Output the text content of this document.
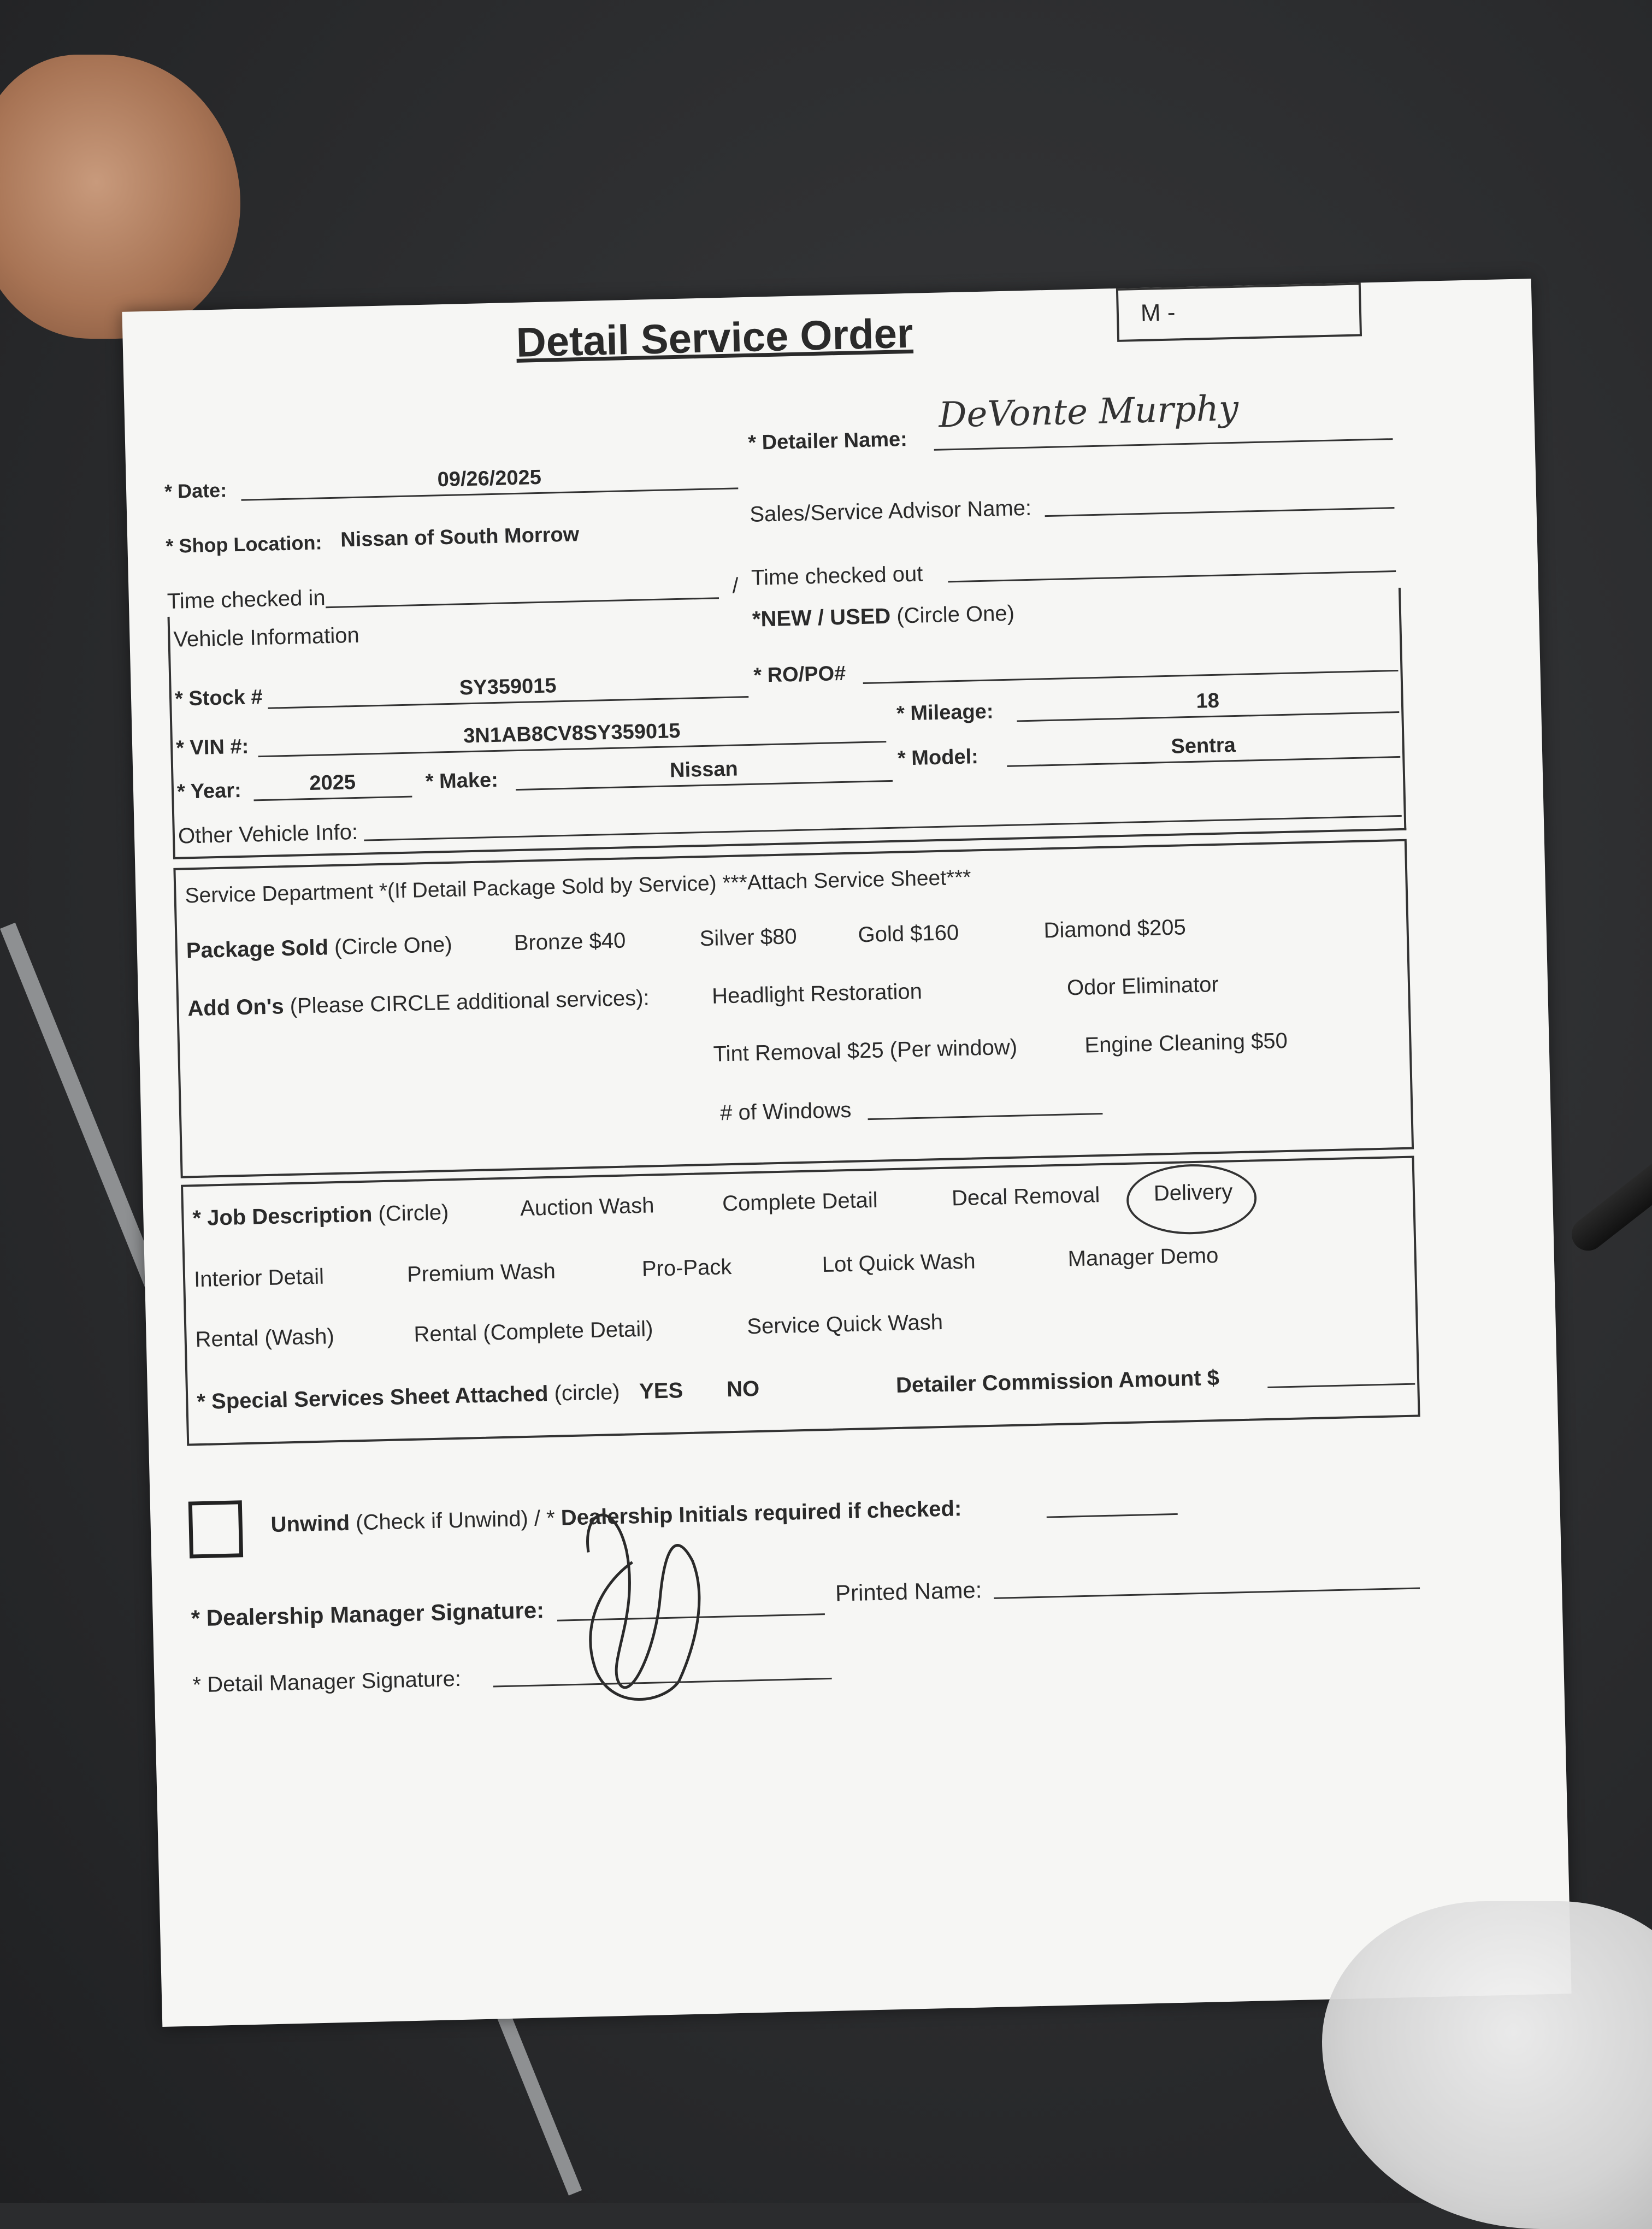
Detail Service Order	M -
* Date:	09/26/2025
* Detailer Name:
DeVonte Murphy
* Shop Location: Nissan of South Morrow
Sales/Service Advisor Name:
Time checked in	/ Time checked out
Vehicle Information
*NEW / USED (Circle One)
* Stock #	SY359015	* RO/PO#
* VIN #:	3N1AB8CV8SY359015
* Mileage:	18
* Year:	2025	* Make:	Nissan	* Model:	Sentra
Other Vehicle Info:
Service Department *(If Detail Package Sold by Service) ***Attach Service Sheet***
Package Sold (Circle One)	Bronze $40	Silver $80	Gold $160	Diamond $205
Add On's (Please CIRCLE additional services):	Headlight Restoration	Odor Eliminator
Tint Removal $25 (Per window)	Engine Cleaning $50
# of Windows
* Job Description (Circle)	Auction Wash	Complete Detail	Decal Removal Delivery
Interior Detail	Premium Wash	Pro-Pack	Lot Quick Wash	Manager Demo
Rental (Wash)	Rental (Complete Detail)	Service Quick Wash
* Special Services Sheet Attached (circle) YES NO	Detailer Commission Amount $
Unwind (Check if Unwind) / * Dealership Initials required if checked:
* Dealership Manager Signature:
Printed Name:
* Detail Manager Signature:
